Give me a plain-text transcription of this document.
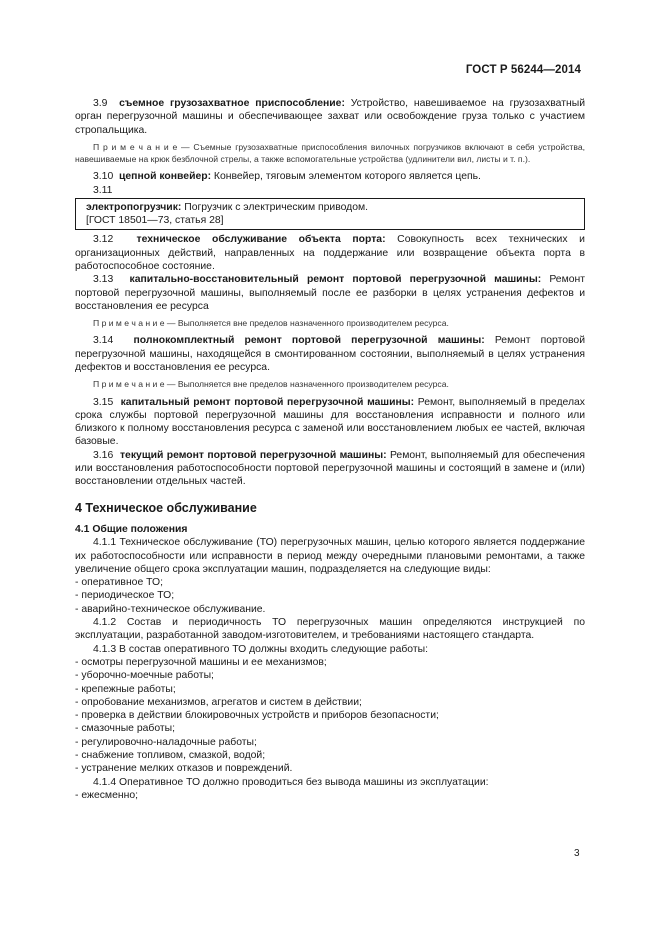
ГОСТ Р 56244—2014

3.9 съемное грузозахватное приспособление: Устройство, навешиваемое на грузозахватный орган перегрузочной машины и обеспечивающее захват или освобождение груза только с участием стропальщика.

П р и м е ч а н и е — Съемные грузозахватные приспособления вилочных погрузчиков включают в себя устройства, навешиваемые на крюк безблочной стрелы, а также вспомогательные устройства (удлинители вил, листы и т. п.).

3.10 цепной конвейер: Конвейер, тяговым элементом которого является цепь.

3.11

электропогрузчик: Погрузчик с электрическим приводом.

[ГОСТ 18501—73, статья 28]

3.12 техническое обслуживание объекта порта: Совокупность всех технических и организационных действий, направленных на поддержание или возвращение объекта порта в работоспособное состояние.

3.13 капитально-восстановительный ремонт портовой перегрузочной машины: Ремонт портовой перегрузочной машины, выполняемый после ее разборки в целях устранения дефектов и восстановления ее ресурса

П р и м е ч а н и е — Выполняется вне пределов назначенного производителем ресурса.

3.14 полнокомплектный ремонт портовой перегрузочной машины: Ремонт портовой перегрузочной машины, находящейся в смонтированном состоянии, выполняемый в целях устранения дефектов и восстановления ее ресурса.

П р и м е ч а н и е — Выполняется вне пределов назначенного производителем ресурса.

3.15 капитальный ремонт портовой перегрузочной машины: Ремонт, выполняемый в пределах срока службы портовой перегрузочной машины для восстановления исправности и полного или близкого к полному восстановления ресурса с заменой или восстановлением любых ее частей, включая базовые.

3.16 текущий ремонт портовой перегрузочной машины: Ремонт, выполняемый для обеспечения или восстановления работоспособности портовой перегрузочной машины и состоящий в замене и (или) восстановлении отдельных частей.

4 Техническое обслуживание
4.1 Общие положения

4.1.1 Техническое обслуживание (ТО) перегрузочных машин, целью которого является поддержание их работоспособности или исправности в период между очередными плановыми ремонтами, а также увеличение общего срока эксплуатации машин, подразделяется на следующие виды:

- оперативное ТО;

- периодическое ТО;

- аварийно-техническое обслуживание.

4.1.2 Состав и периодичность ТО перегрузочных машин определяются инструкцией по эксплуатации, разработанной заводом-изготовителем, и требованиями настоящего стандарта.

4.1.3 В состав оперативного ТО должны входить следующие работы:

- осмотры перегрузочной машины и ее механизмов;

- уборочно-моечные работы;

- крепежные работы;

- опробование механизмов, агрегатов и систем в действии;

- проверка в действии блокировочных устройств и приборов безопасности;

- смазочные работы;

- регулировочно-наладочные работы;

- снабжение топливом, смазкой, водой;

- устранение мелких отказов и повреждений.

4.1.4 Оперативное ТО должно проводиться без вывода машины из эксплуатации:

- ежесменно;

3
